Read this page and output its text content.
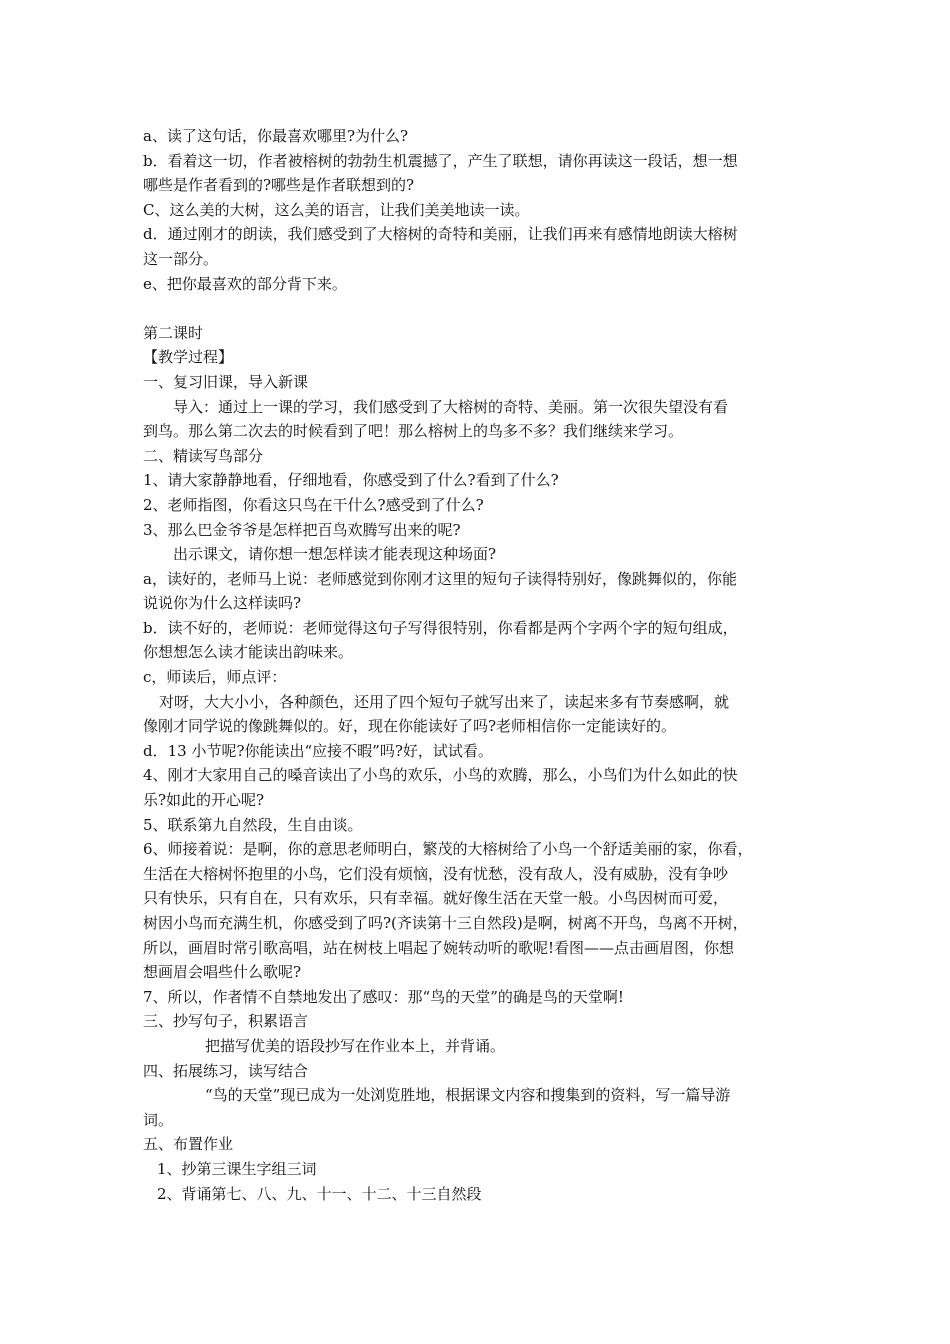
a、读了这句话，你最喜欢哪里?为什么?

b．看着这一切，作者被榕树的勃勃生机震撼了，产生了联想，请你再读这一段话，想一想

哪些是作者看到的?哪些是作者联想到的?

C、这么美的大树，这么美的语言，让我们美美地读一读。

d．通过刚才的朗读，我们感受到了大榕树的奇特和美丽，让我们再来有感情地朗读大榕树

这一部分。

e、把你最喜欢的部分背下来。

第二课时

【教学过程】

一、复习旧课，导入新课

导入：通过上一课的学习，我们感受到了大榕树的奇特、美丽。第一次很失望没有看

到鸟。那么第二次去的时候看到了吧！那么榕树上的鸟多不多？我们继续来学习。

二、精读写鸟部分

1、请大家静静地看，仔细地看，你感受到了什么?看到了什么?

2、老师指图，你看这只鸟在干什么?感受到了什么?

3、那么巴金爷爷是怎样把百鸟欢腾写出来的呢?

出示课文，请你想一想怎样读才能表现这种场面?

a，读好的，老师马上说：老师感觉到你刚才这里的短句子读得特别好，像跳舞似的，你能

说说你为什么这样读吗?

b．读不好的，老师说：老师觉得这句子写得很特别，你看都是两个字两个字的短句组成，

你想想怎么读才能读出韵味来。

c，师读后，师点评：

对呀，大大小小，各种颜色，还用了四个短句子就写出来了，读起来多有节奏感啊，就

像刚才同学说的像跳舞似的。好，现在你能读好了吗?老师相信你一定能读好的。

d．13 小节呢?你能读出“应接不暇”吗?好，试试看。

4、刚才大家用自己的嗓音读出了小鸟的欢乐，小鸟的欢腾，那么，小鸟们为什么如此的快

乐?如此的开心呢?

5、联系第九自然段，生自由谈。

6、师接着说：是啊，你的意思老师明白，繁茂的大榕树给了小鸟一个舒适美丽的家，你看，

生活在大榕树怀抱里的小鸟，它们没有烦恼，没有忧愁，没有敌人，没有威胁，没有争吵

只有快乐，只有自在，只有欢乐，只有幸福。就好像生活在天堂一般。小鸟因树而可爱，

树因小鸟而充满生机，你感受到了吗?(齐读第十三自然段)是啊，树离不开鸟，鸟离不开树，

所以，画眉时常引歌高唱，站在树枝上唱起了婉转动听的歌呢!看图——点击画眉图，你想

想画眉会唱些什么歌呢?

7、所以，作者情不自禁地发出了感叹：那“鸟的天堂”的确是鸟的天堂啊!

三、抄写句子，积累语言

把描写优美的语段抄写在作业本上，并背诵。

四、拓展练习，读写结合

“鸟的天堂”现已成为一处浏览胜地，根据课文内容和搜集到的资料，写一篇导游

词。

五、布置作业

1、抄第三课生字组三词

2、背诵第七、八、九、十一、十二、十三自然段
